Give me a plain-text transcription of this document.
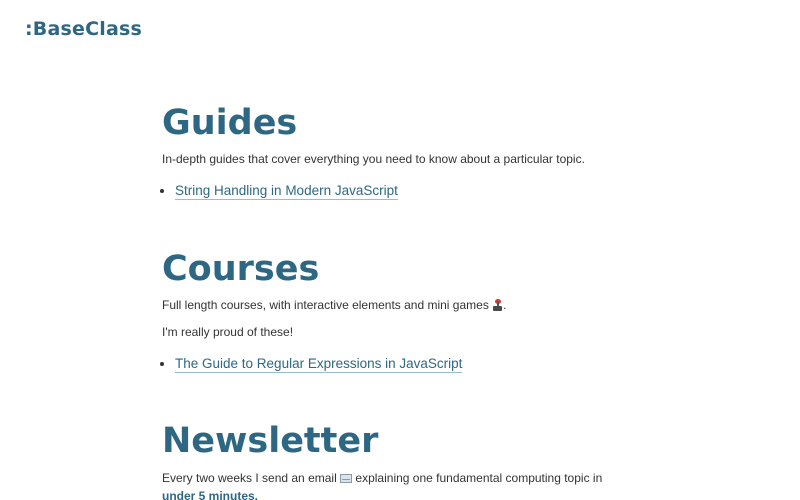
:BaseClass
Guides

In-depth guides that cover everything you need to know about a particular topic.

• String Handling in Modern JavaScript
Courses

Full length courses, with interactive elements and mini games
.

I'm really proud of these!

• The Guide to Regular Expressions in JavaScript
Newsletter

Every two weeks I send an email
explaining one fundamental computing topic in under 5 minutes.
